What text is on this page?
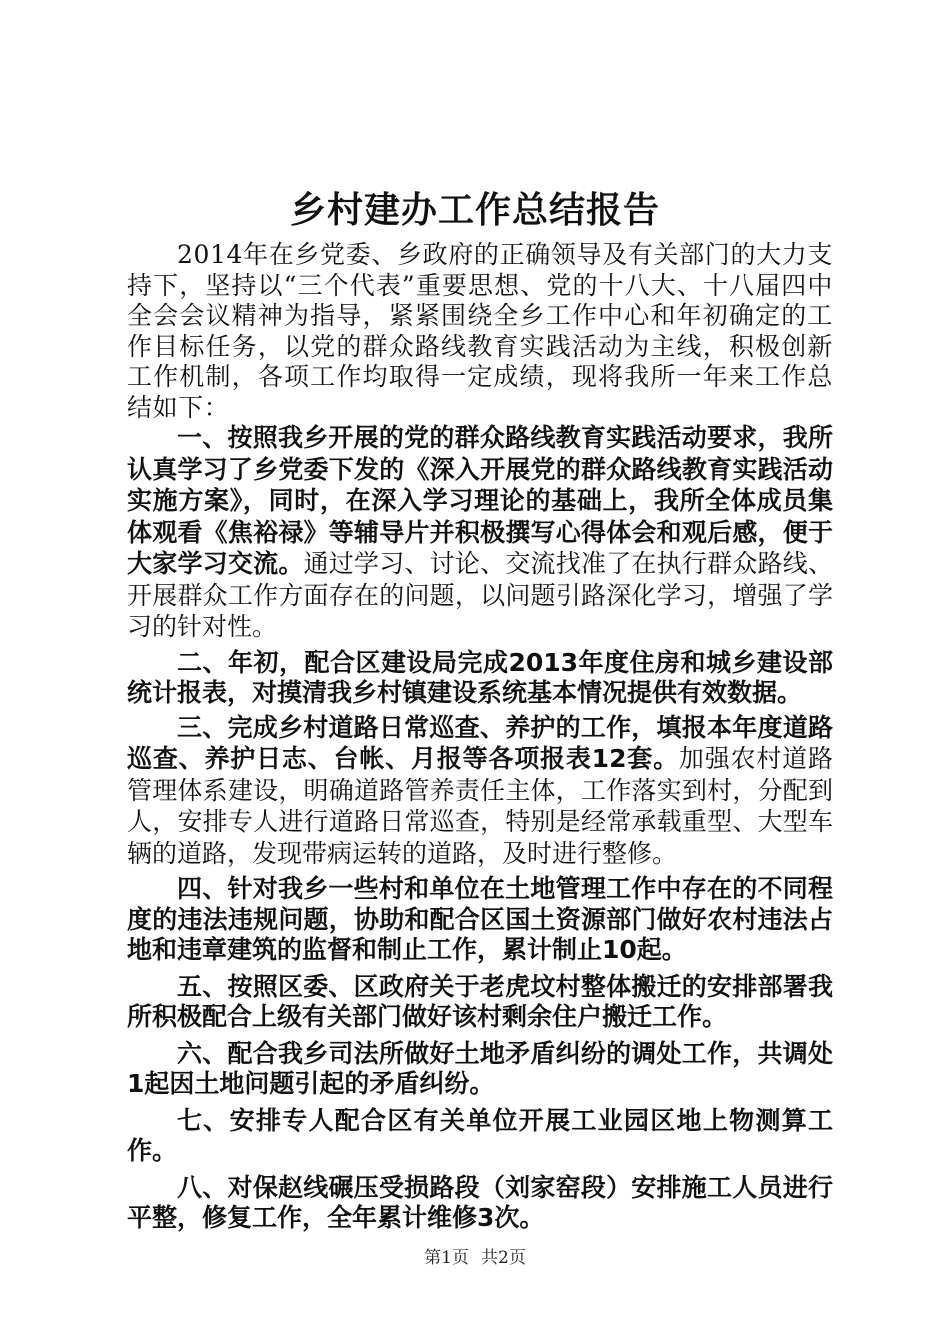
乡村建办工作总结报告

2014年在乡党委、乡政府的正确领导及有关部门的大力支持下，坚持以“三个代表”重要思想、党的十八大、十八届四中全会会议精神为指导，紧紧围绕全乡工作中心和年初确定的工作目标任务，以党的群众路线教育实践活动为主线，积极创新工作机制，各项工作均取得一定成绩，现将我所一年来工作总结如下：

一、按照我乡开展的党的群众路线教育实践活动要求，我所认真学习了乡党委下发的《深入开展党的群众路线教育实践活动实施方案》，同时，在深入学习理论的基础上，我所全体成员集体观看《焦裕禄》等辅导片并积极撰写心得体会和观后感，便于大家学习交流。通过学习、讨论、交流找准了在执行群众路线、开展群众工作方面存在的问题，以问题引路深化学习，增强了学习的针对性。

二、年初，配合区建设局完成2013年度住房和城乡建设部统计报表，对摸清我乡村镇建设系统基本情况提供有效数据。

三、完成乡村道路日常巡查、养护的工作，填报本年度道路巡查、养护日志、台帐、月报等各项报表12套。加强农村道路管理体系建设，明确道路管养责任主体，工作落实到村，分配到人，安排专人进行道路日常巡查，特别是经常承载重型、大型车辆的道路，发现带病运转的道路，及时进行整修。

四、针对我乡一些村和单位在土地管理工作中存在的不同程度的违法违规问题，协助和配合区国土资源部门做好农村违法占地和违章建筑的监督和制止工作，累计制止10起。

五、按照区委、区政府关于老虎坟村整体搬迁的安排部署我所积极配合上级有关部门做好该村剩余住户搬迁工作。

六、配合我乡司法所做好土地矛盾纠纷的调处工作，共调处1起因土地问题引起的矛盾纠纷。

七、安排专人配合区有关单位开展工业园区地上物测算工作。

八、对保赵线碾压受损路段（刘家窑段）安排施工人员进行平整，修复工作，全年累计维修3次。

第1页 共2页
